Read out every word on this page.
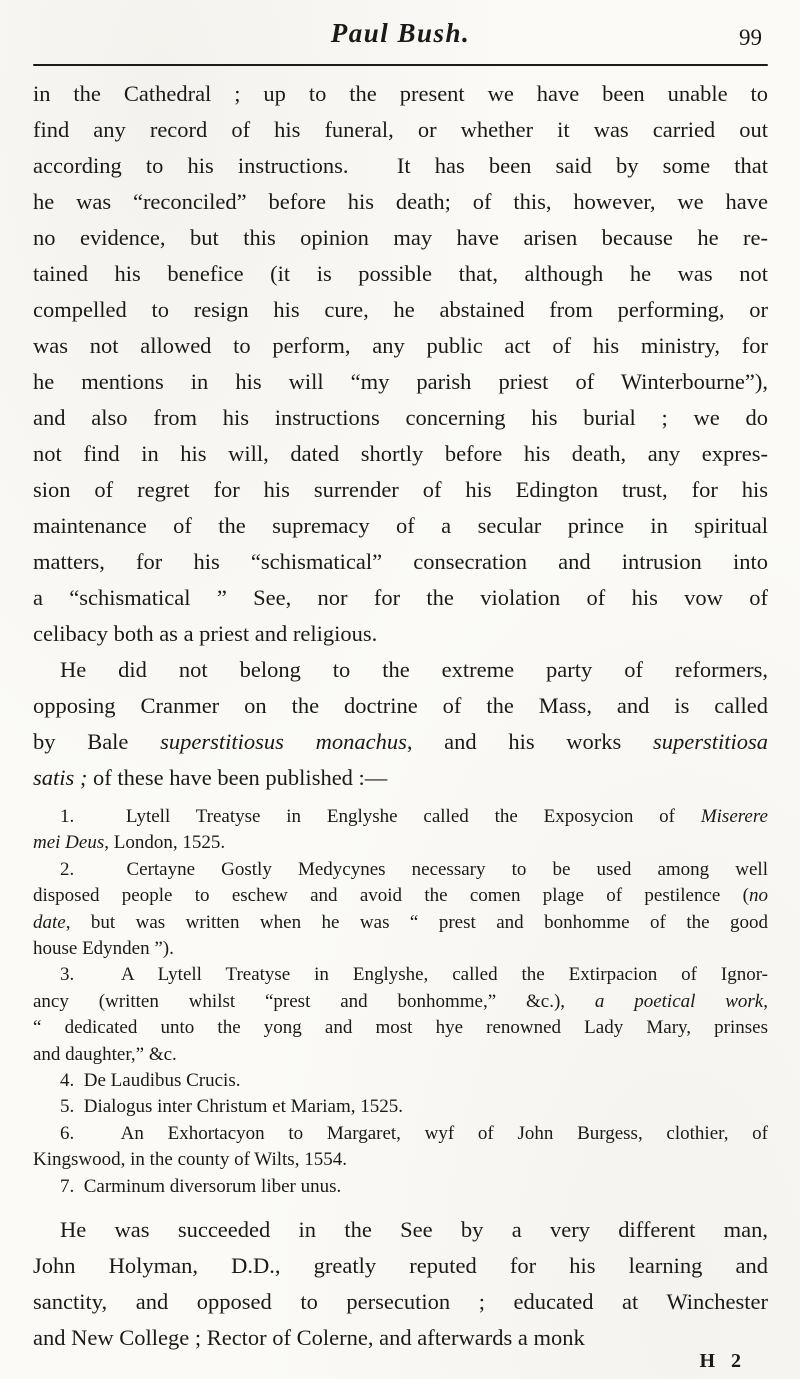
Paul Bush.	99
in the Cathedral ; up to the present we have been unable to
find any record of his funeral, or whether it was carried out
according to his instructions.  It has been said by some that
he was “reconciled” before his death; of this, however, we have
no evidence, but this opinion may have arisen because he re-
tained his benefice (it is possible that, although he was not
compelled to resign his cure, he abstained from performing, or
was not allowed to perform, any public act of his ministry, for
he mentions in his will “my parish priest of Winterbourne”),
and also from his instructions concerning his burial ; we do
not find in his will, dated shortly before his death, any expres-
sion of regret for his surrender of his Edington trust, for his
maintenance of the supremacy of a secular prince in spiritual
matters, for his “schismatical” consecration and intrusion into
a “schismatical ” See, nor for the violation of his vow of
celibacy both as a priest and religious.
He did not belong to the extreme party of reformers,
opposing Cranmer on the doctrine of the Mass, and is called
by Bale superstitiosus monachus, and his works superstitiosa
satis ; of these have been published :—
1.  Lytell Treatyse in Englyshe called the Exposycion of Miserere
mei Deus, London, 1525.
2.  Certayne Gostly Medycynes necessary to be used among well
disposed people to eschew and avoid the comen plage of pestilence (no
date, but was written when he was “ prest and bonhomme of the good
house Edynden ”).
3.  A Lytell Treatyse in Englyshe, called the Extirpacion of Ignor-
ancy (written whilst “prest and bonhomme,” &c.), a poetical work,
“ dedicated unto the yong and most hye renowned Lady Mary, prinses
and daughter,” &c.
4.  De Laudibus Crucis.
5.  Dialogus inter Christum et Mariam, 1525.
6.  An Exhortacyon to Margaret, wyf of John Burgess, clothier, of
Kingswood, in the county of Wilts, 1554.
7.  Carminum diversorum liber unus.
He was succeeded in the See by a very different man,
John Holyman, D.D., greatly reputed for his learning and
sanctity, and opposed to persecution ; educated at Winchester
and New College ; Rector of Colerne, and afterwards a monk
H 2
